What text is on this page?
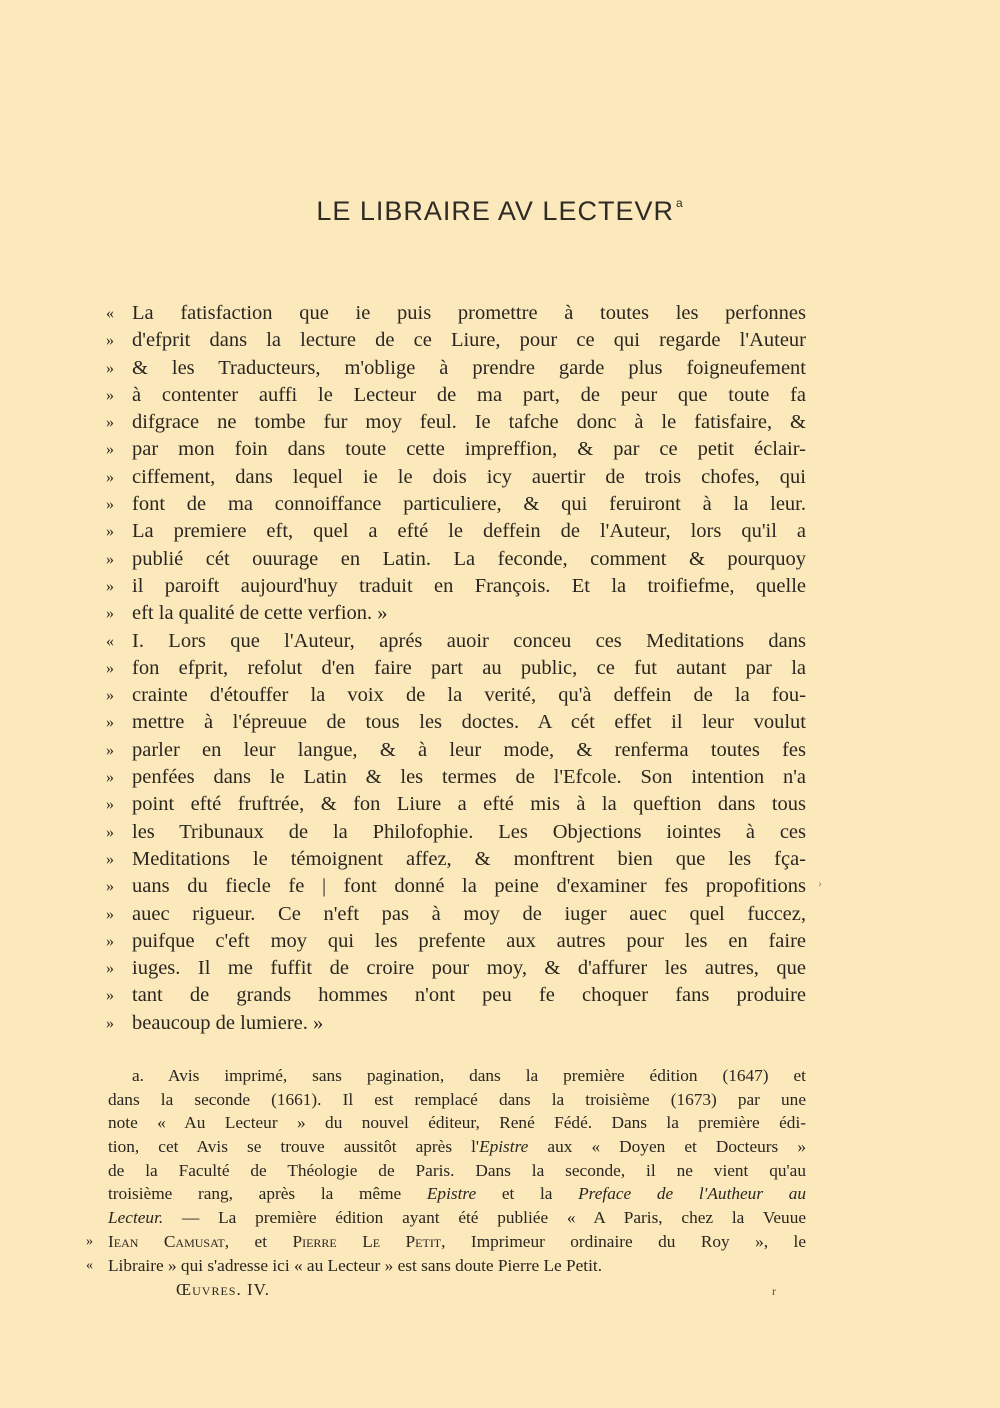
LE LIBRAIRE AV LECTEVR $^a$
« La fatisfaction que ie puis promettre à toutes les perfonnes
» d'efprit dans la lecture de ce Liure, pour ce qui regarde l'Auteur
» & les Traducteurs, m'oblige à prendre garde plus foigneufement
» à contenter auffi le Lecteur de ma part, de peur que toute fa
» difgrace ne tombe fur moy feul. Ie tafche donc à le fatisfaire, &
» par mon foin dans toute cette impreffion, & par ce petit éclair-
» ciffement, dans lequel ie le dois icy auertir de trois chofes, qui
» font de ma connoiffance particuliere, & qui feruiront à la leur.
» La premiere eft, quel a efté le deffein de l'Auteur, lors qu'il a
» publié cét ouurage en Latin. La feconde, comment & pourquoy
» il paroift aujourd'huy traduit en François. Et la troifiefme, quelle
» eft la qualité de cette verfion. »
« I. Lors que l'Auteur, aprés auoir conceu ces Meditations dans
» fon efprit, refolut d'en faire part au public, ce fut autant par la
» crainte d'étouffer la voix de la verité, qu'à deffein de la fou-
» mettre à l'épreuue de tous les doctes. A cét effet il leur voulut
» parler en leur langue, & à leur mode, & renferma toutes fes
» penfées dans le Latin & les termes de l'Efcole. Son intention n'a
» point efté fruftrée, & fon Liure a efté mis à la queftion dans tous
» les Tribunaux de la Philofophie. Les Objections iointes à ces
» Meditations le témoignent affez, & monftrent bien que les fça-
» uans du fiecle fe | font donné la peine d'examiner fes propofitions
» auec rigueur. Ce n'eft pas à moy de iuger auec quel fuccez,
» puifque c'eft moy qui les prefente aux autres pour les en faire
» iuges. Il me fuffit de croire pour moy, & d'affurer les autres, que
» tant de grands hommes n'ont peu fe choquer fans produire
» beaucoup de lumiere. »
a. Avis imprimé, sans pagination, dans la première édition (1647) et
dans la seconde (1661). Il est remplacé dans la troisième (1673) par une
note « Au Lecteur » du nouvel éditeur, René Fédé. Dans la première édi-
tion, cet Avis se trouve aussitôt après l'Epistre aux « Doyen et Docteurs »
de la Faculté de Théologie de Paris. Dans la seconde, il ne vient qu'au
troisième rang, après la même Epistre et la Preface de l'Autheur au
Lecteur. — La première édition ayant été publiée « A Paris, chez la Veuue
» Iean Camusat, et Pierre Le Petit, Imprimeur ordinaire du Roy », le
« Libraire » qui s'adresse ici « au Lecteur » est sans doute Pierre Le Petit.
Œuvres. IV.
›
r
